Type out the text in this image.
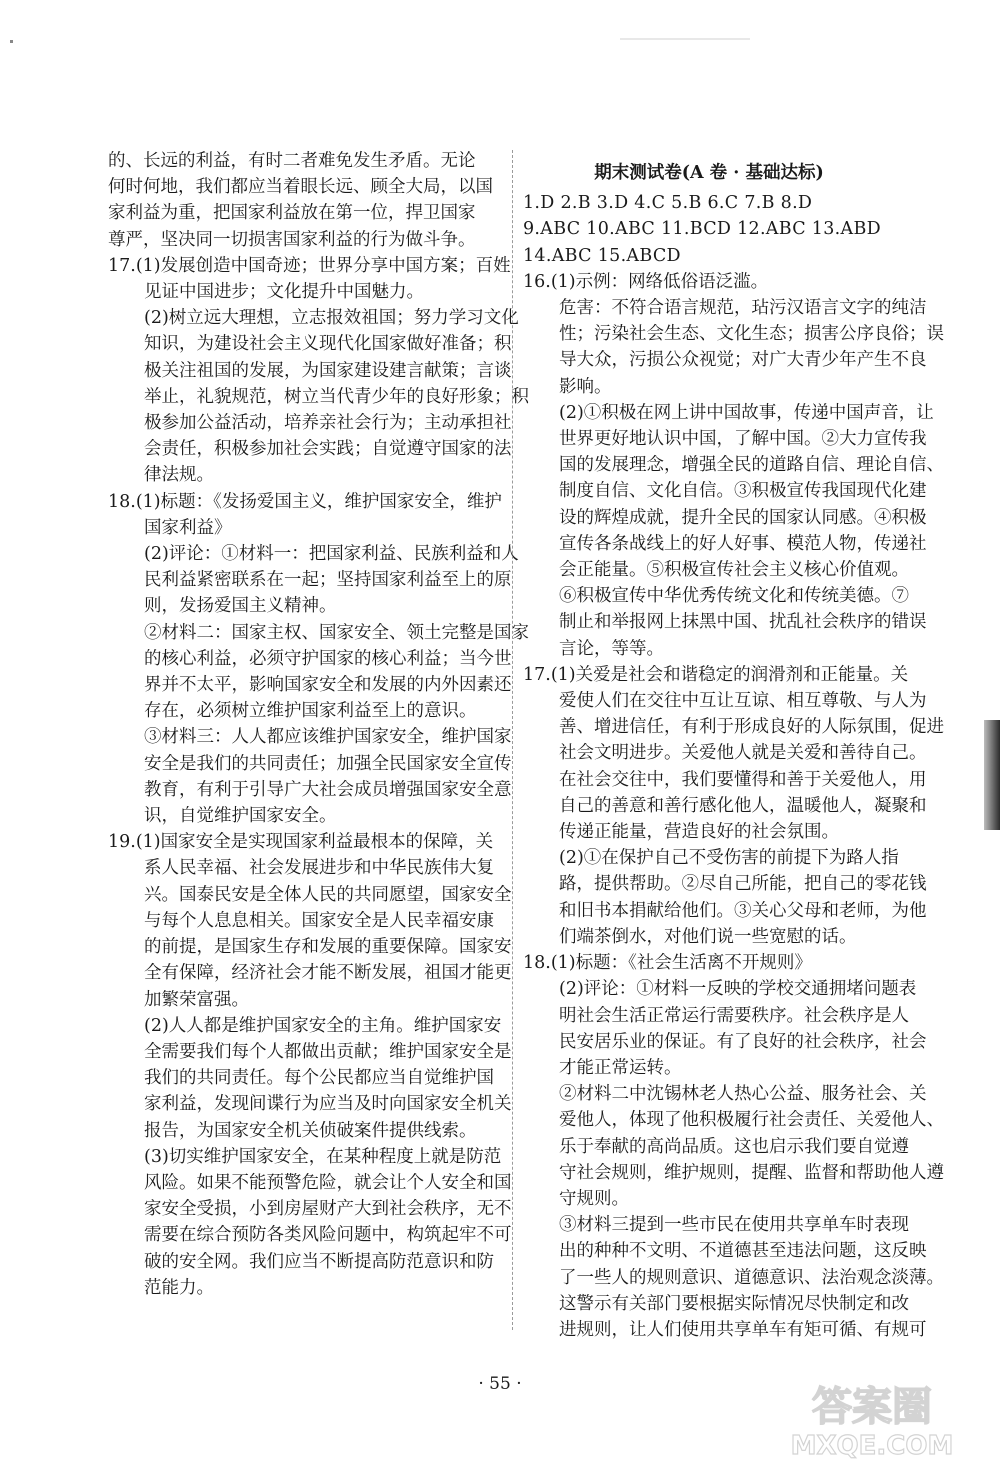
的、长远的利益，有时二者难免发生矛盾。无论

何时何地，我们都应当着眼长远、顾全大局，以国

家利益为重，把国家利益放在第一位，捍卫国家

尊严，坚决同一切损害国家利益的行为做斗争。

17.(1)发展创造中国奇迹；世界分享中国方案；百姓

见证中国进步；文化提升中国魅力。

(2)树立远大理想，立志报效祖国；努力学习文化

知识，为建设社会主义现代化国家做好准备；积

极关注祖国的发展，为国家建设建言献策；言谈

举止，礼貌规范，树立当代青少年的良好形象；积

极参加公益活动，培养亲社会行为；主动承担社

会责任，积极参加社会实践；自觉遵守国家的法

律法规。

18.(1)标题：《发扬爱国主义，维护国家安全，维护

国家利益》

(2)评论：①材料一：把国家利益、民族利益和人

民利益紧密联系在一起；坚持国家利益至上的原

则，发扬爱国主义精神。

②材料二：国家主权、国家安全、领土完整是国家

的核心利益，必须守护国家的核心利益；当今世

界并不太平，影响国家安全和发展的内外因素还

存在，必须树立维护国家利益至上的意识。

③材料三：人人都应该维护国家安全，维护国家

安全是我们的共同责任；加强全民国家安全宣传

教育，有利于引导广大社会成员增强国家安全意

识，自觉维护国家安全。

19.(1)国家安全是实现国家利益最根本的保障，关

系人民幸福、社会发展进步和中华民族伟大复

兴。国泰民安是全体人民的共同愿望，国家安全

与每个人息息相关。国家安全是人民幸福安康

的前提，是国家生存和发展的重要保障。国家安

全有保障，经济社会才能不断发展，祖国才能更

加繁荣富强。

(2)人人都是维护国家安全的主角。维护国家安

全需要我们每个人都做出贡献；维护国家安全是

我们的共同责任。每个公民都应当自觉维护国

家利益，发现间谍行为应当及时向国家安全机关

报告，为国家安全机关侦破案件提供线索。

(3)切实维护国家安全，在某种程度上就是防范

风险。如果不能预警危险，就会让个人安全和国

家安全受损，小到房屋财产大到社会秩序，无不

需要在综合预防各类风险问题中，构筑起牢不可

破的安全网。我们应当不断提高防范意识和防

范能力。

期末测试卷(A 卷 · 基础达标)

1.D 2.B 3.D 4.C 5.B 6.C 7.B 8.D

9.ABC 10.ABC 11.BCD 12.ABC 13.ABD

14.ABC 15.ABCD

16.(1)示例：网络低俗语泛滥。

危害：不符合语言规范，玷污汉语言文字的纯洁

性；污染社会生态、文化生态；损害公序良俗；误

导大众，污损公众视觉；对广大青少年产生不良

影响。

(2)①积极在网上讲中国故事，传递中国声音，让

世界更好地认识中国，了解中国。②大力宣传我

国的发展理念，增强全民的道路自信、理论自信、

制度自信、文化自信。③积极宣传我国现代化建

设的辉煌成就，提升全民的国家认同感。④积极

宣传各条战线上的好人好事、模范人物，传递社

会正能量。⑤积极宣传社会主义核心价值观。

⑥积极宣传中华优秀传统文化和传统美德。⑦

制止和举报网上抹黑中国、扰乱社会秩序的错误

言论，等等。

17.(1)关爱是社会和谐稳定的润滑剂和正能量。关

爱使人们在交往中互让互谅、相互尊敬、与人为

善、增进信任，有利于形成良好的人际氛围，促进

社会文明进步。关爱他人就是关爱和善待自己。

在社会交往中，我们要懂得和善于关爱他人，用

自己的善意和善行感化他人，温暖他人，凝聚和

传递正能量，营造良好的社会氛围。

(2)①在保护自己不受伤害的前提下为路人指

路，提供帮助。②尽自己所能，把自己的零花钱

和旧书本捐献给他们。③关心父母和老师，为他

们端茶倒水，对他们说一些宽慰的话。

18.(1)标题：《社会生活离不开规则》

(2)评论：①材料一反映的学校交通拥堵问题表

明社会生活正常运行需要秩序。社会秩序是人

民安居乐业的保证。有了良好的社会秩序，社会

才能正常运转。

②材料二中沈锡林老人热心公益、服务社会、关

爱他人，体现了他积极履行社会责任、关爱他人、

乐于奉献的高尚品质。这也启示我们要自觉遵

守社会规则，维护规则，提醒、监督和帮助他人遵

守规则。

③材料三提到一些市民在使用共享单车时表现

出的种种不文明、不道德甚至违法问题，这反映

了一些人的规则意识、道德意识、法治观念淡薄。

这警示有关部门要根据实际情况尽快制定和改

进规则，让人们使用共享单车有矩可循、有规可

· 55 ·	答案圈
MXQE.COM
